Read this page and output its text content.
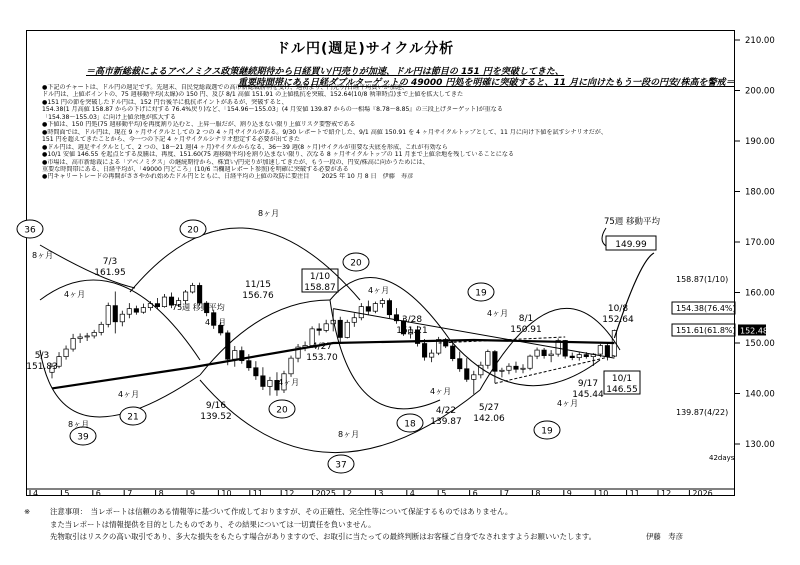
130.00
140.00
150.00
160.00
170.00
180.00
190.00
200.00
210.00
152.48
4	5	6	7	8	9	10	11	12	2025 2	3	4	5	6	7	8	9	10	11	12	2026
42days
75週 移動平均
149.99
75週 移動平均
7/3
161.95	1/10
158.87
11/15
156.76
3/28
151.21
8/1
150.91
10/8
152.64
5/3
151.83
9/16
139.52
4/27
153.70
4/22
139.87
5/27
142.06
9/17
145.44
10/1
146.55
36
39
21
20
20
37
20
19
18
19
8ヶ月
8ヶ月
4ヶ月
4ヶ月
4ヶ月
4ヶ月
4ヶ月
4ヶ月
4ヶ月
8ヶ月
8ヶ月
4ヶ月
158.87(1/10)
154.38(76.4%)
151.61(61.8%)
139.87(4/22)
ドル円(週足)サイクル分析
＝高市新総裁によるアベノミクス政策継続期待から日経買い/円売りが加速、ドル円は節目の 151 円を突破してきた、
重要時間帯にある日経ダブルターゲットの 49000 円処を明確に突破すると、11 月に向けたもう一段の円安/株高を警戒＝
●下記のチャートは、ドル円の週足です。先週末、自民党総裁選での高市新総裁勝利を受け、週初より、円売り/日経平均買いが加速、
ドル円は、上値ポイントの、75 週移動平均(太線)の 150 円、及び 8/1 高値 151.91 の上値抵抗を突破、152.64(10/8 執筆時点)まで上値を拡大してきた
●151 円の節を突破したドル円は、152 円台後半に抵抗ポイントがあるが、突破すると、
154.38(1 月高値 158.87 からの下げに対する 76.4%戻り)など、「154.96～155.03」(4 月安値 139.87 からの一相場『8.78～8.85』の三段上げターゲット)が重なる
「154.38～155.03」に向け上値余地が拡大する
●下値は、150 円処(75 週移動平均)を再度割り込むと、上昇一服だが、割り込まない限り上値リスク要警戒である
●時間面では、ドル円は、現在 9 ヶ月サイクルとしての 2 つの 4 ヶ月サイクルがある。9/30 レポートで紹介した、9/1 高値 150.91 を 4 ヶ月サイクルトップとして、11 月に向け下値を試すシナリオだが、
151 円を超えてきたことから、今一つの下記 4 ヶ月サイクルシナリオ想定する必要が出てきた
●ドル円は、週足サイクルとして、2 つの、18～21 週(4 ヶ月)サイクルからなる、36～39 週(8 ヶ月)サイクルが重要な天底を形成、これが有効なら
●10/1 安値 146.55 を起点とする反騰は、再度、151.60(75 週移動平均)を割り込まない限り、次なる 8 ヶ月サイクルトップの 11 月まで上値余地を残していることになる
●市場は、高市新総裁による「アベノミクス」の継続期待から、株買い/円売りが加速してきたが、もう一段の、円安/株高に向かうためには、
重要な時間帯にある、日経平均が、「49000 円どころ」(10/6 当欄週レポート参照)を明確に突破する必要がある
●円キャリートレードの再開がささやかれ始めたドル円とともに、日経平均の上値の攻防に要注目　　2025 年 10 月 8 日　伊藤　寿彦
※	注意事項：　当レポートは信頼のある情報等に基づいて作成しておりますが、その正確性、完全性等について保証するものではありません。
また当レポートは情報提供を目的としたものであり、その結果については一切責任を負いません。
先物取引はリスクの高い取引であり、多大な損失をもたらす場合がありますので、お取引に当たっての最終判断はお客様ご自身でなされますようお願いいたします。	伊藤　寿彦
